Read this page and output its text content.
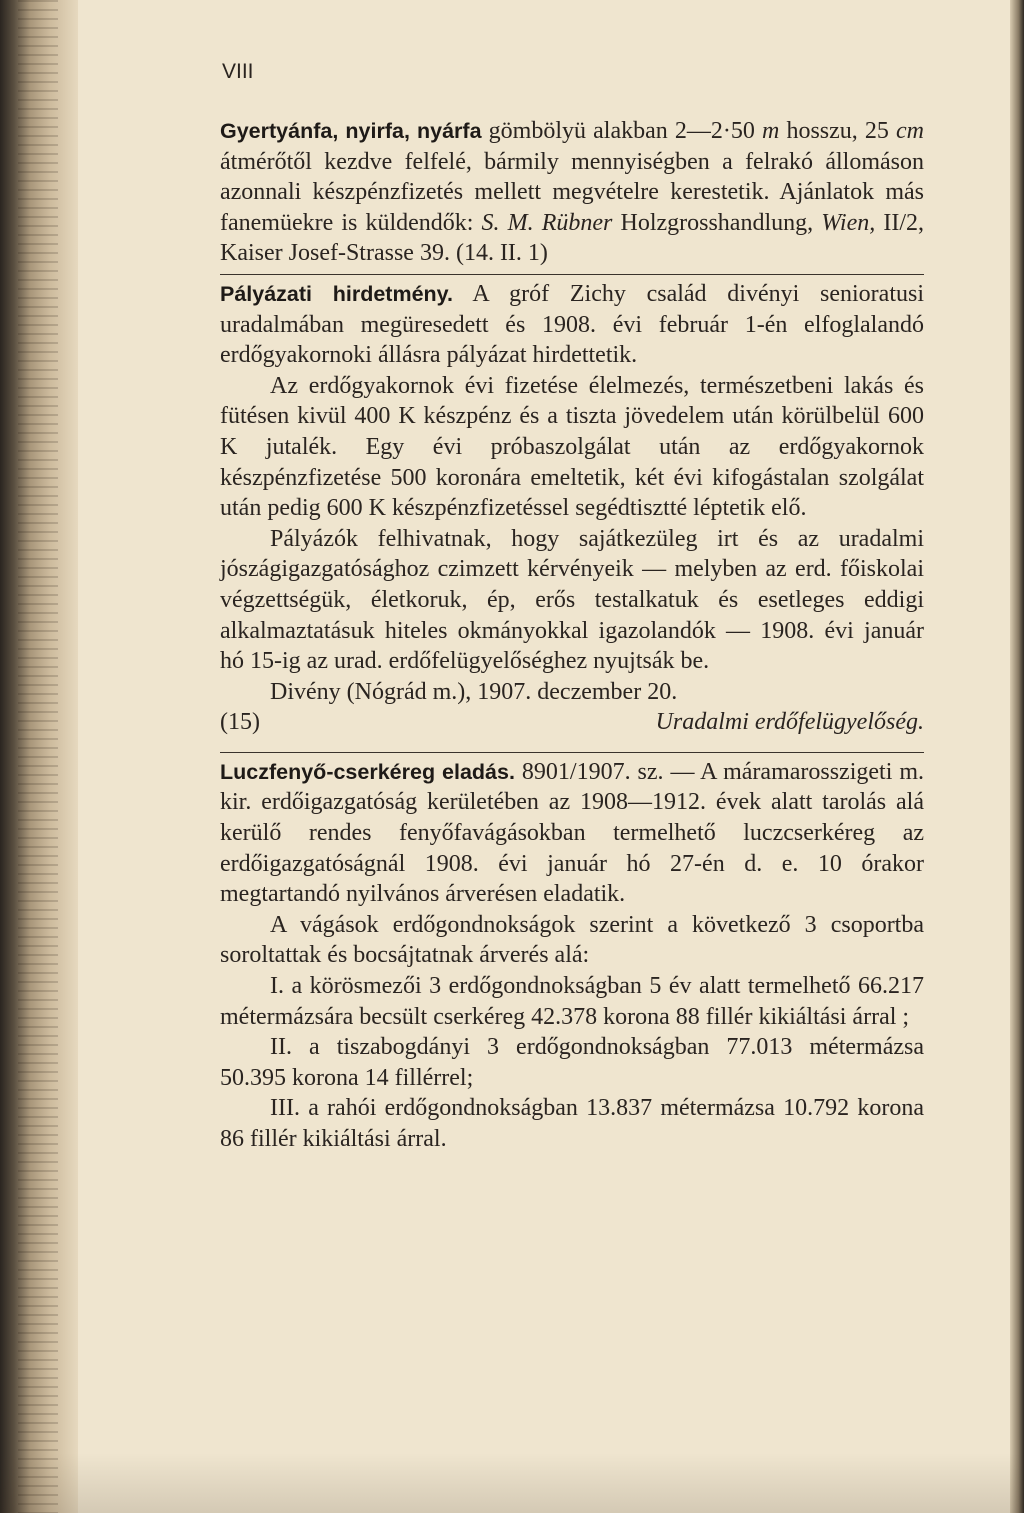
VIII

Gyertyánfa, nyirfa, nyárfa gömbölyü alakban 2—2·50 m hosszu, 25 cm átmérőtől kezdve felfelé, bármily mennyiségben a felrakó állomáson azonnali készpénzfizetés mellett megvételre kerestetik. Ajánlatok más fanemüekre is küldendők: S. M. Rübner Holzgrosshandlung, Wien, II/2, Kaiser Josef-Strasse 39. (14. II. 1)

Pályázati hirdetmény. A gróf Zichy család divényi senioratusi uradalmában megüresedett és 1908. évi február 1-én elfoglalandó erdőgyakornoki állásra pályázat hirdettetik.

Az erdőgyakornok évi fizetése élelmezés, természetbeni lakás és fütésen kivül 400 K készpénz és a tiszta jövedelem után körülbelül 600 K jutalék. Egy évi próbaszolgálat után az erdőgyakornok készpénzfizetése 500 koronára emeltetik, két évi kifogástalan szolgálat után pedig 600 K készpénzfizetéssel segédtisztté léptetik elő.

Pályázók felhivatnak, hogy sajátkezüleg irt és az uradalmi jószágigazgatósághoz czimzett kérvényeik — melyben az erd. főiskolai végzettségük, életkoruk, ép, erős testalkatuk és esetleges eddigi alkalmaztatásuk hiteles okmányokkal igazolandók — 1908. évi január hó 15-ig az urad. erdőfelügyelőséghez nyujtsák be.

Divény (Nógrád m.), 1907. deczember 20.

(15)	Uradalmi erdőfelügyelőség.

Luczfenyő-cserkéreg eladás. 8901/1907. sz. — A máramarosszigeti m. kir. erdőigazgatóság kerületében az 1908—1912. évek alatt tarolás alá kerülő rendes fenyőfavágásokban termelhető luczcserkéreg az erdőigazgatóságnál 1908. évi január hó 27-én d. e. 10 órakor megtartandó nyilvános árverésen eladatik.

A vágások erdőgondnokságok szerint a következő 3 csoportba soroltattak és bocsájtatnak árverés alá:

I. a körösmezői 3 erdőgondnokságban 5 év alatt termelhető 66.217 métermázsára becsült cserkéreg 42.378 korona 88 fillér kikiáltási árral ;

II. a tiszabogdányi 3 erdőgondnokságban 77.013 métermázsa 50.395 korona 14 fillérrel;

III. a rahói erdőgondnokságban 13.837 métermázsa 10.792 korona 86 fillér kikiáltási árral.
